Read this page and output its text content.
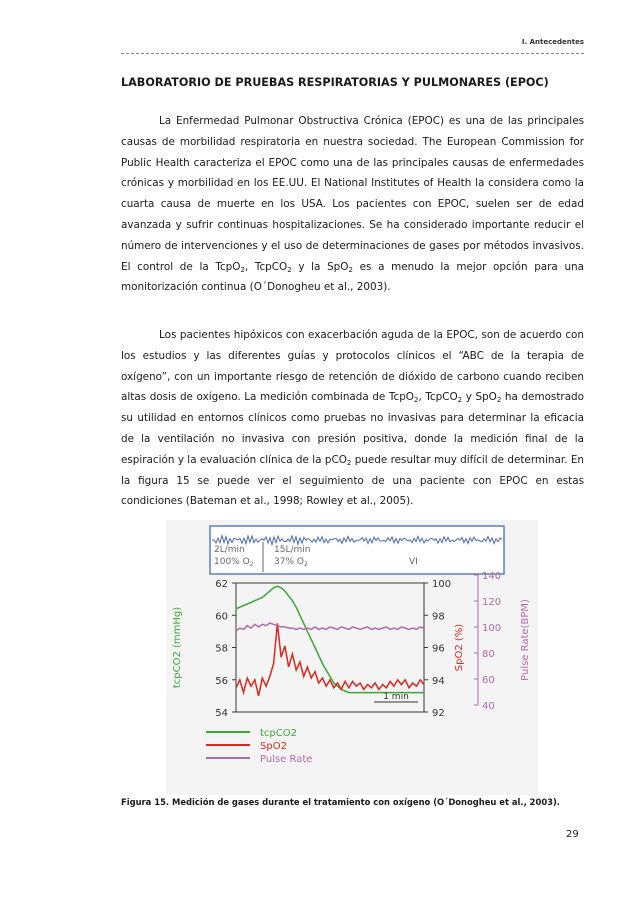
I. Antecedentes
LABORATORIO DE PRUEBAS RESPIRATORIAS Y PULMONARES (EPOC)

La Enfermedad Pulmonar Obstructiva Crónica (EPOC) es una de las principales causas de morbilidad respiratoria en nuestra sociedad. The European Commission for Public Health caracteriza el EPOC como una de las principales causas de enfermedades crónicas y morbilidad en los EE.UU. El National Institutes of Health la considera como la cuarta causa de muerte en los USA. Los pacientes con EPOC, suelen ser de edad avanzada y sufrir continuas hospitalizaciones. Se ha considerado importante reducir el número de intervenciones y el uso de determinaciones de gases por métodos invasivos. El control de la TcpO$_2$, TcpCO$_2$ y la SpO$_2$ es a menudo la mejor opción para una monitorización continua (O´Donogheu et al., 2003).

Los pacientes hipóxicos con exacerbación aguda de la EPOC, son de acuerdo con los estudios y las diferentes guías y protocolos clínicos el “ABC de la terapia de oxígeno”, con un importante riesgo de retención de dióxido de carbono cuando reciben altas dosis de oxígeno. La medición combinada de TcpO$_2$, TcpCO$_2$ y SpO$_2$ ha demostrado su utilidad en entornos clínicos como pruebas no invasivas para determinar la eficacia de la ventilación no invasiva con presión positiva, donde la medición final de la espiración y la evaluación clínica de la pCO$_2$ puede resultar muy difícil de determinar. En la figura 15 se puede ver el seguimiento de una paciente con EPOC en estas condiciones (Bateman et al., 1998; Rowley et al., 2005).

2L/min
100% $O_2$
15L/min
37% $O_2$	VI
54
56
58
60
62
tcpCO2 (mmHg)
92
94
96
98
100
SpO2 (%)
40
60
80
100
120
140
Pulse Rate(BPM)
1 min
tcpCO2
SpO2
Pulse Rate
Figura 15. Medición de gases durante el tratamiento con oxígeno (O´Donogheu et al., 2003).
29
